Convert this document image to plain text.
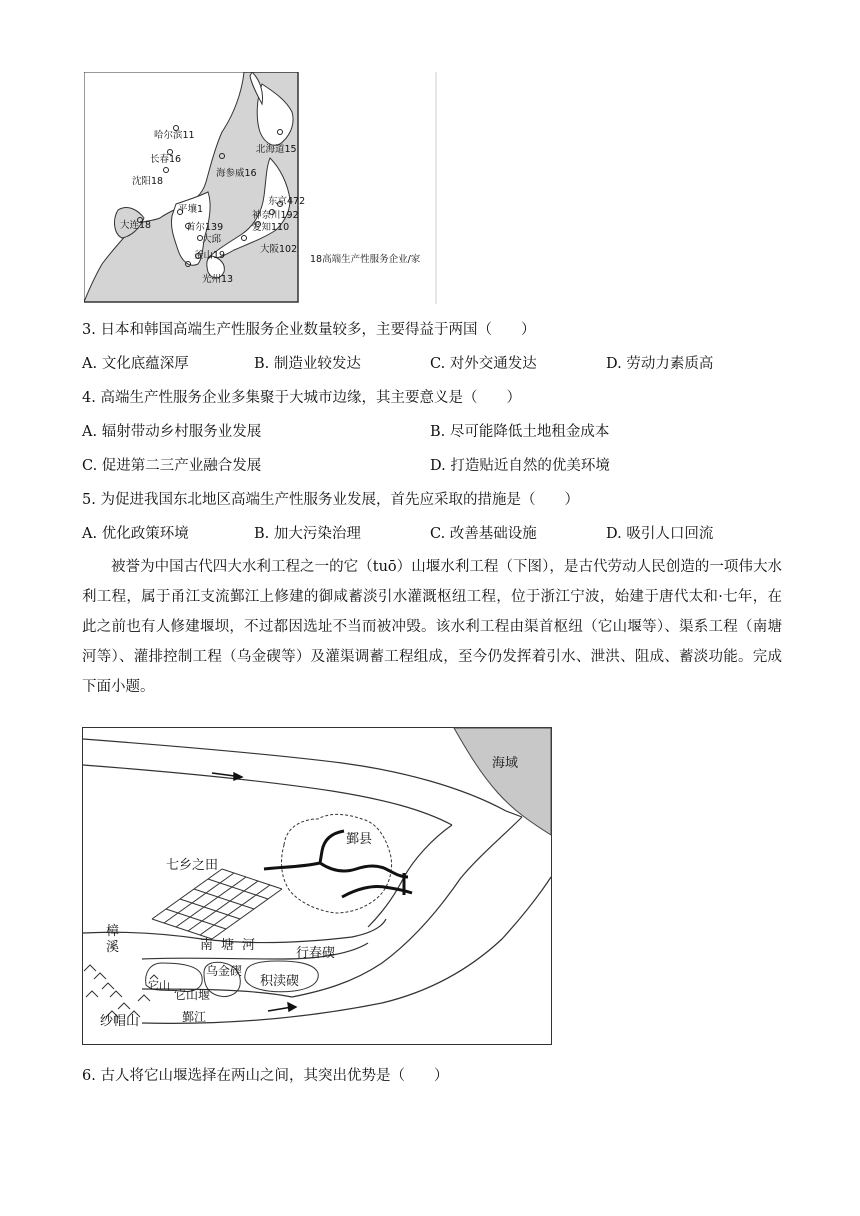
哈尔滨11
长春16
沈阳18
大连18
平壤1
首尔139
大邱
釜山19
光州13
海参威16
北海道15
东京472
神奈川192
爱知110
大阪102
18高端生产性服务企业/家
3. 日本和韩国高端生产性服务企业数量较多，主要得益于两国（　　）
A. 文化底蕴深厚	B. 制造业较发达	C. 对外交通发达	D. 劳动力素质高
4. 高端生产性服务企业多集聚于大城市边缘，其主要意义是（　　）
A. 辐射带动乡村服务业发展	B. 尽可能降低土地租金成本
C. 促进第二三产业融合发展	D. 打造贴近自然的优美环境
5. 为促进我国东北地区高端生产性服务业发展，首先应采取的措施是（　　）
A. 优化政策环境	B. 加大污染治理	C. 改善基础设施	D. 吸引人口回流

被誉为中国古代四大水利工程之一的它（tuō）山堰水利工程（下图），是古代劳动人民创造的一项伟大水利工程，属于甬江支流鄞江上修建的御咸蓄淡引水灌溉枢纽工程，位于浙江宁波，始建于唐代太和·七年，在此之前也有人修建堰坝，不过都因选址不当而被冲毁。该水利工程由渠首枢纽（它山堰等）、渠系工程（南塘河等）、灌排控制工程（乌金碶等）及灌渠调蓄工程组成，至今仍发挥着引水、泄洪、阻成、蓄淡功能。完成下面小题。

海域
七乡之田
鄞县
樟
溪	南塘河
行春碶
它山
它山堰
乌金碶
积渎碶
纱帽山	鄞江
6. 古人将它山堰选择在两山之间，其突出优势是（　　）
